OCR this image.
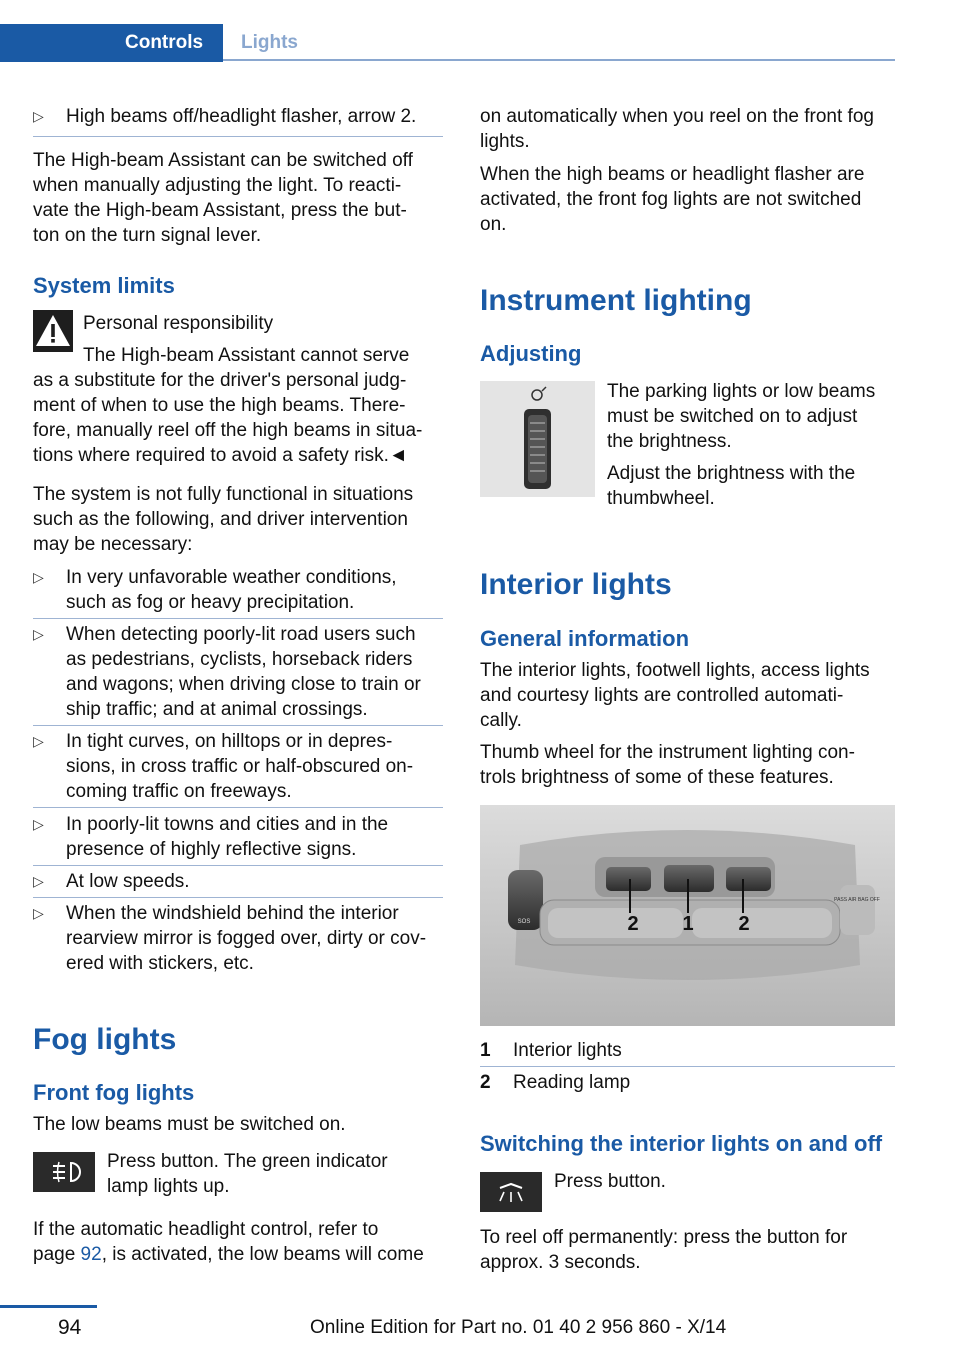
Controls	Lights
▷ High beams off/headlight flasher, arrow 2.

The High-beam Assistant can be switched off

when manually adjusting the light. To reacti-

vate the High-beam Assistant, press the but-

ton on the turn signal lever.

System limits
Personal responsibility
The High-beam Assistant cannot serve

as a substitute for the driver's personal judg-

ment of when to use the high beams. There-

fore, manually reel off the high beams in situa-

tions where required to avoid a safety risk.◄

The system is not fully functional in situations

such as the following, and driver intervention

may be necessary:

▷ In very unfavorable weather conditions,

such as fog or heavy precipitation.

▷ When detecting poorly-lit road users such

as pedestrians, cyclists, horseback riders

and wagons; when driving close to train or

ship traffic; and at animal crossings.

▷ In tight curves, on hilltops or in depres-

sions, in cross traffic or half-obscured on-

coming traffic on freeways.

▷ In poorly-lit towns and cities and in the

presence of highly reflective signs.

▷ At low speeds.

▷ When the windshield behind the interior

rearview mirror is fogged over, dirty or cov-

ered with stickers, etc.

Fog lights
Front fog lights
The low beams must be switched on.

Press button. The green indicator

lamp lights up.

If the automatic headlight control, refer to

page 92, is activated, the low beams will come

on automatically when you reel on the front fog

lights.

When the high beams or headlight flasher are

activated, the front fog lights are not switched

on.

Instrument lighting
Adjusting

The parking lights or low beams

must be switched on to adjust

the brightness.

Adjust the brightness with the

thumbwheel.

Interior lights
General information

The interior lights, footwell lights, access lights

and courtesy lights are controlled automati-

cally.

Thumb wheel for the instrument lighting con-

trols brightness of some of these features.

2 1 2
SOS
PASS AIR BAG OFF
1 Interior lights
2 Reading lamp
Switching the interior lights on and off
Press button.

To reel off permanently: press the button for

approx. 3 seconds.

94	Online Edition for Part no. 01 40 2 956 860 - X/14
